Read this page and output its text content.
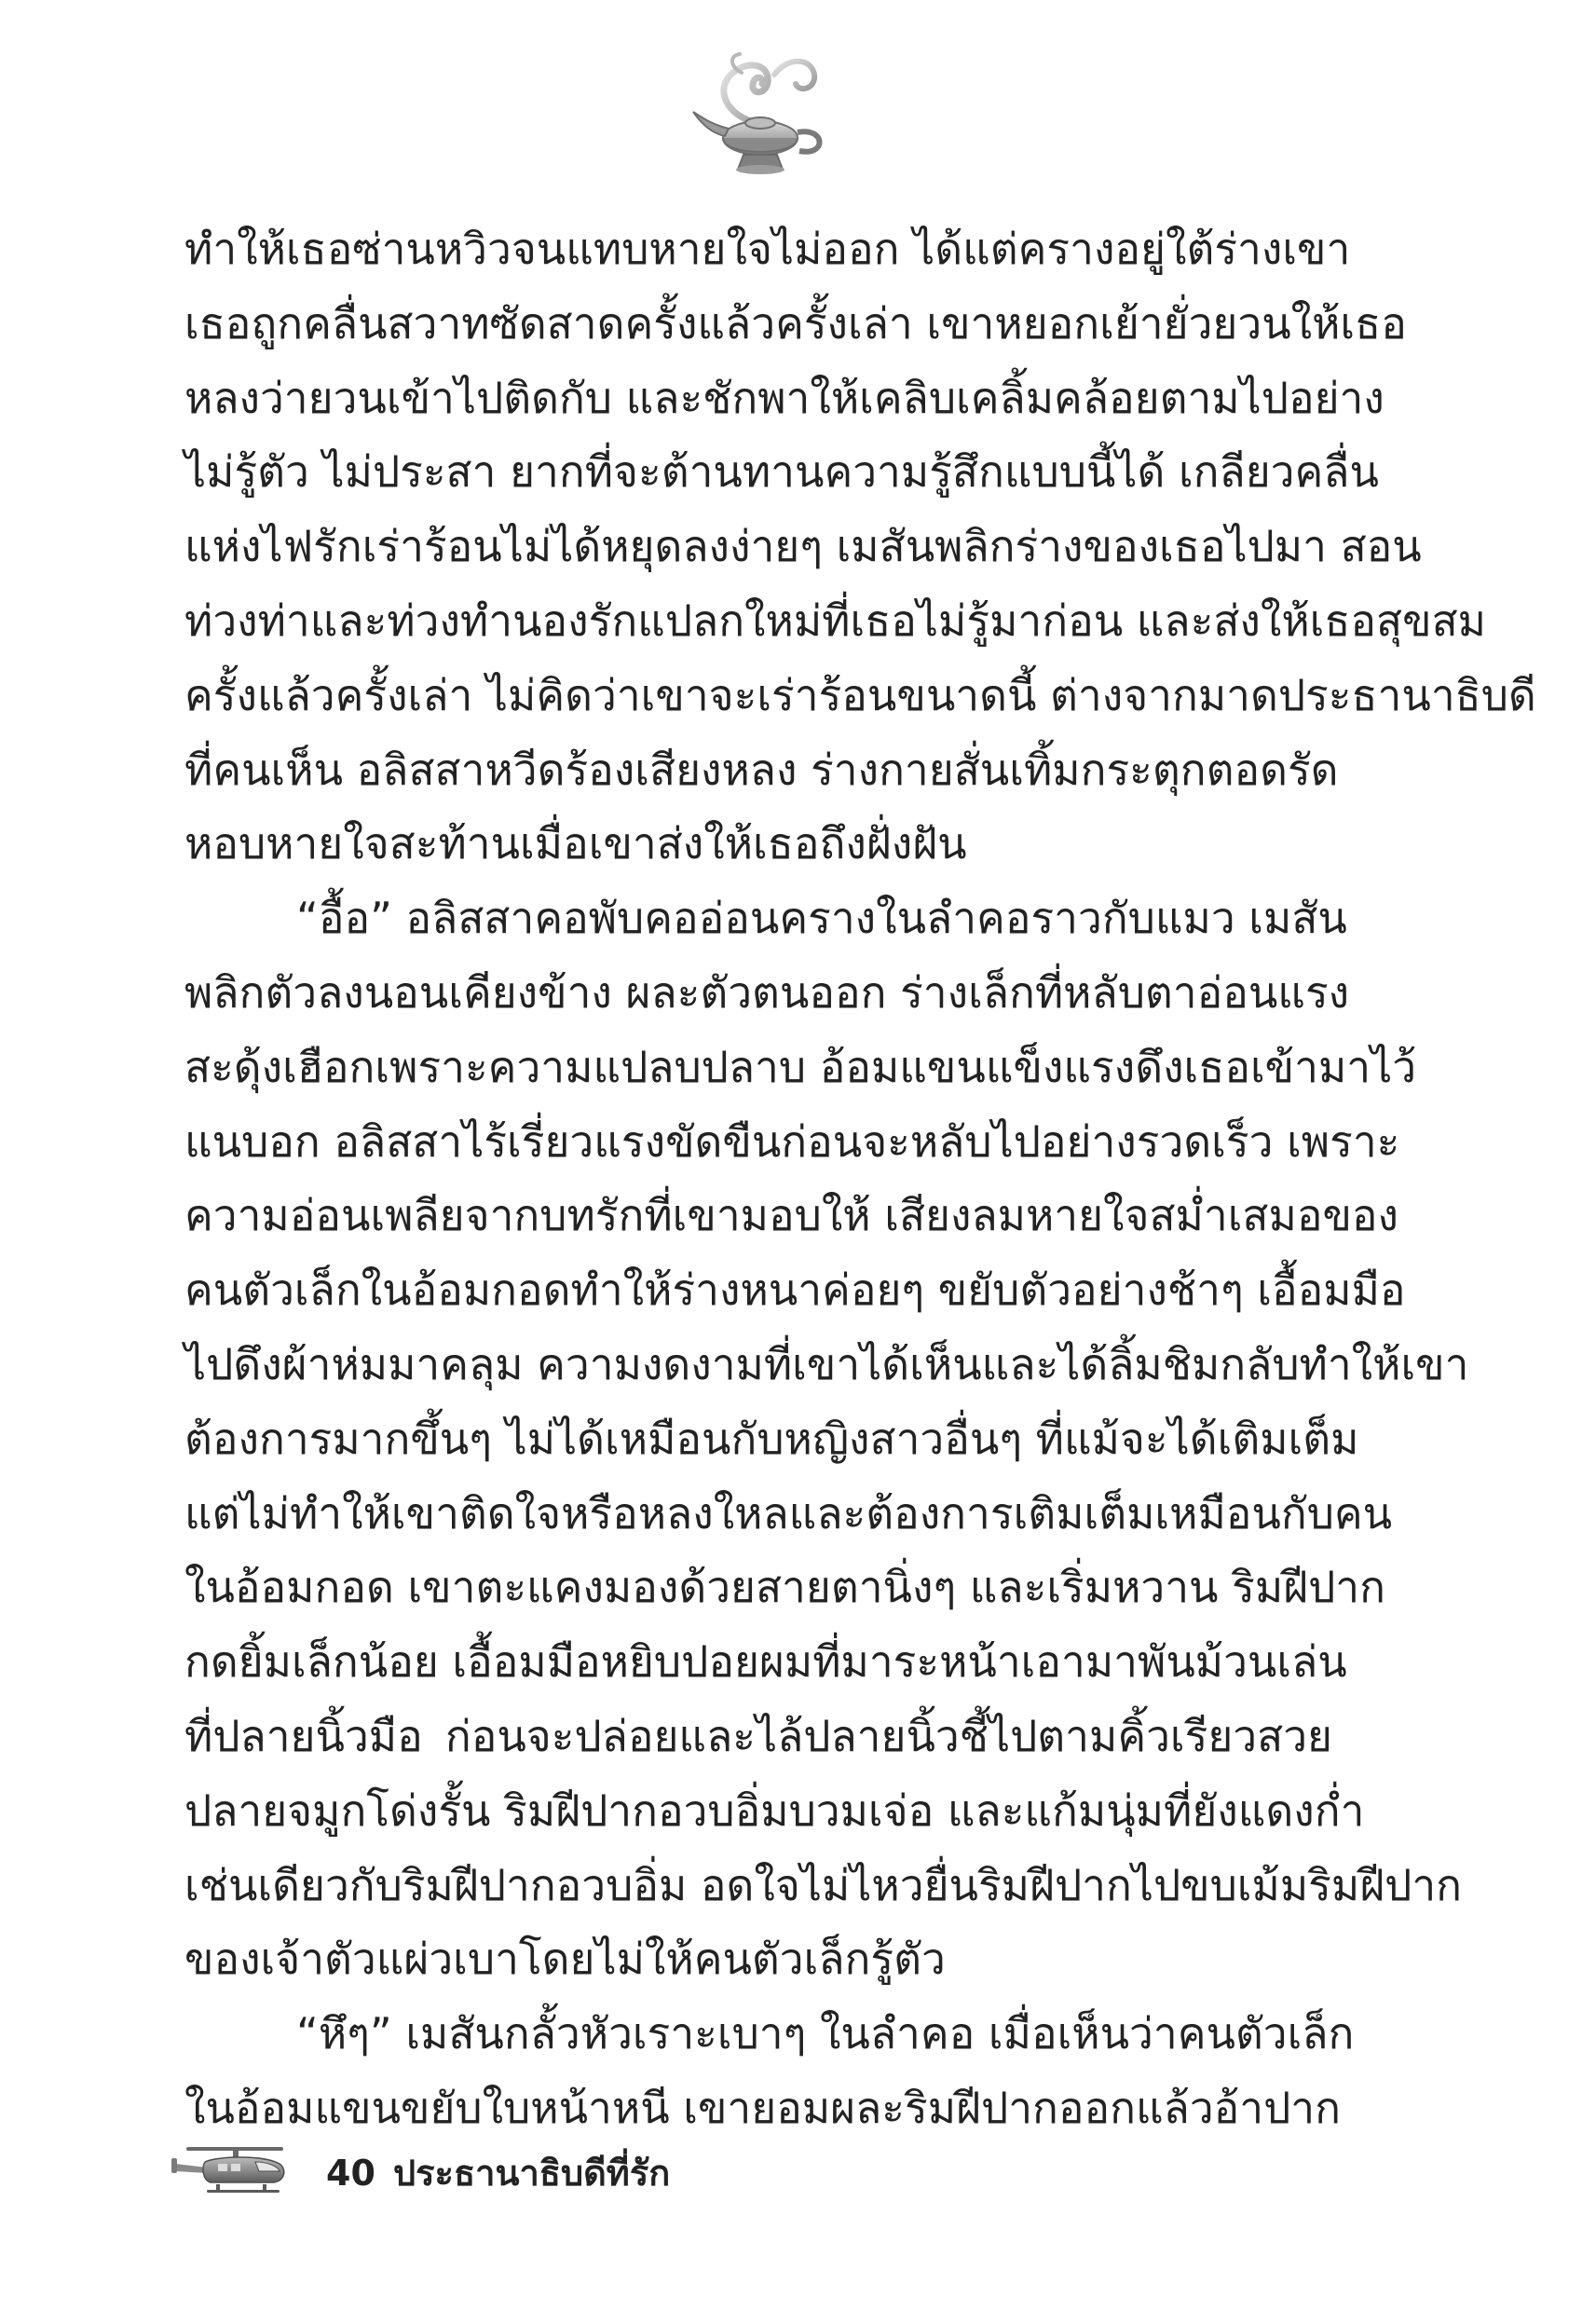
ทำให้เธอซ่านหวิวจนแทบหายใจไม่ออก ได้แต่ครางอยู่ใต้ร่างเขา
เธอถูกคลื่นสวาทซัดสาดครั้งแล้วครั้งเล่า เขาหยอกเย้ายั่วยวนให้เธอ
หลงว่ายวนเข้าไปติดกับ และชักพาให้เคลิบเคลิ้มคล้อยตามไปอย่าง
ไม่รู้ตัว ไม่ประสา ยากที่จะต้านทานความรู้สึกแบบนี้ได้ เกลียวคลื่น
แห่งไฟรักเร่าร้อนไม่ได้หยุดลงง่ายๆ เมสันพลิกร่างของเธอไปมา สอน
ท่วงท่าและท่วงทำนองรักแปลกใหม่ที่เธอไม่รู้มาก่อน และส่งให้เธอสุขสม
ครั้งแล้วครั้งเล่า ไม่คิดว่าเขาจะเร่าร้อนขนาดนี้ ต่างจากมาดประธานาธิบดี
ที่คนเห็น อลิสสาหวีดร้องเสียงหลง ร่างกายสั่นเทิ้มกระตุกตอดรัด
หอบหายใจสะท้านเมื่อเขาส่งให้เธอถึงฝั่งฝัน
“อื้อ” อลิสสาคอพับคออ่อนครางในลำคอราวกับแมว เมสัน
พลิกตัวลงนอนเคียงข้าง ผละตัวตนออก ร่างเล็กที่หลับตาอ่อนแรง
สะดุ้งเฮือกเพราะความแปลบปลาบ อ้อมแขนแข็งแรงดึงเธอเข้ามาไว้
แนบอก อลิสสาไร้เรี่ยวแรงขัดขืนก่อนจะหลับไปอย่างรวดเร็ว เพราะ
ความอ่อนเพลียจากบทรักที่เขามอบให้ เสียงลมหายใจสม่ำเสมอของ
คนตัวเล็กในอ้อมกอดทำให้ร่างหนาค่อยๆ ขยับตัวอย่างช้าๆ เอื้อมมือ
ไปดึงผ้าห่มมาคลุม ความงดงามที่เขาได้เห็นและได้ลิ้มชิมกลับทำให้เขา
ต้องการมากขึ้นๆ ไม่ได้เหมือนกับหญิงสาวอื่นๆ ที่แม้จะได้เติมเต็ม
แต่ไม่ทำให้เขาติดใจหรือหลงใหลและต้องการเติมเต็มเหมือนกับคน
ในอ้อมกอด เขาตะแคงมองด้วยสายตานิ่งๆ และเริ่มหวาน ริมฝีปาก
กดยิ้มเล็กน้อย เอื้อมมือหยิบปอยผมที่มาระหน้าเอามาพันม้วนเล่น
ที่ปลายนิ้วมือ ก่อนจะปล่อยและไล้ปลายนิ้วชี้ไปตามคิ้วเรียวสวย
ปลายจมูกโด่งรั้น ริมฝีปากอวบอิ่มบวมเจ่อ และแก้มนุ่มที่ยังแดงก่ำ
เช่นเดียวกับริมฝีปากอวบอิ่ม อดใจไม่ไหวยื่นริมฝีปากไปขบเม้มริมฝีปาก
ของเจ้าตัวแผ่วเบาโดยไม่ให้คนตัวเล็กรู้ตัว
“หึๆ” เมสันกลั้วหัวเราะเบาๆ ในลำคอ เมื่อเห็นว่าคนตัวเล็ก
ในอ้อมแขนขยับใบหน้าหนี เขายอมผละริมฝีปากออกแล้วอ้าปาก
40 ประธานาธิบดีที่รัก
